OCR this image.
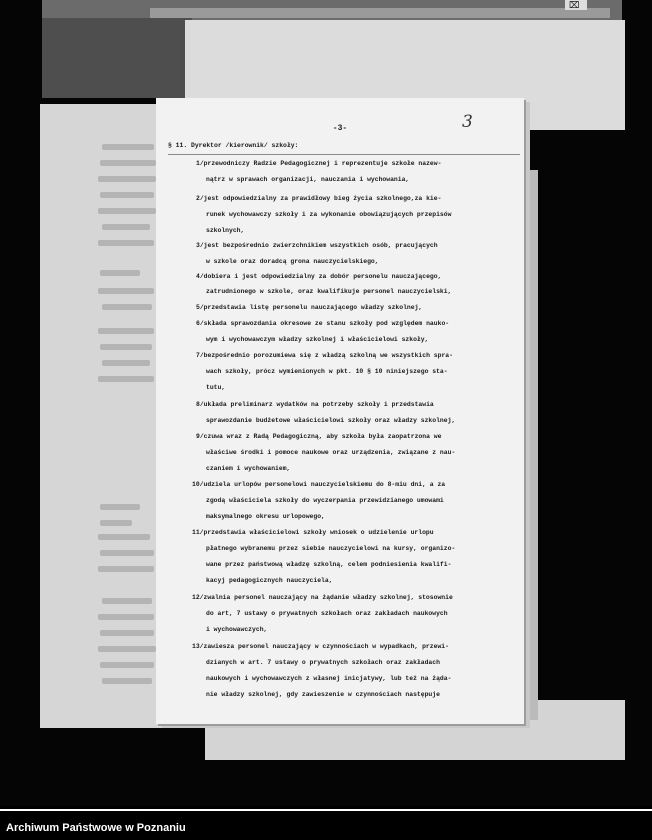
⌧
-3-	3
§ 11. Dyrektor /kierownik/ szkoły:
1/przewodniczy Radzie Pedagogicznej i reprezentuje szkołe nazew-
nątrz w sprawach organizacji, nauczania i wychowania,
2/jest odpowiedzialny za prawidłowy bieg życia szkolnego,za kie-
runek wychowawczy szkoły i za wykonanie obowiązujących przepisów
szkolnych,
3/jest bezpośrednio zwierzchnikiem wszystkich osób, pracujących
w szkole oraz doradcą grona nauczycielskiego,
4/dobiera i jest odpowiedzialny za dobór personelu nauczającego,
zatrudnionego w szkole, oraz kwalifikuje personel nauczycielski,
5/przedstawia listę personelu nauczającego władzy szkolnej,
6/składa sprawozdania okresowe ze stanu szkoły pod względem nauko-
wym i wychowawczym władzy szkolnej i właścicielowi szkoły,
7/bezpośrednio porozumiewa się z władzą szkolną we wszystkich spra-
wach szkoły, prócz wymienionych w pkt. 10 § 10 niniejszego sta-
tutu,
8/układa preliminarz wydatków na potrzeby szkoły i przedstawia
sprawozdanie budżetowe właścicielowi szkoły oraz władzy szkolnej,
9/czuwa wraz z Radą Pedagogiczną, aby szkoła była zaopatrzona we
właściwe środki i pomoce naukowe oraz urządzenia, związane z nau-
czaniem i wychowaniem,
10/udziela urlopów personelowi nauczycielskiemu do 8-miu dni, a za
zgodą właściciela szkoły do wyczerpania przewidzianego umowami
maksymalnego okresu urlopowego,
11/przedstawia właścicielowi szkoły wniosek o udzielenie urlopu
płatnego wybranemu przez siebie nauczycielowi na kursy, organizo-
wane przez państwową władzę szkolną, celem podniesienia kwalifi-
kacyj pedagogicznych nauczyciela,
12/zwalnia personel nauczający na żądanie władzy szkolnej, stosownie
do art, 7 ustawy o prywatnych szkołach oraz zakładach naukowych
i wychowawczych,
13/zawiesza personel nauczający w czynnościach w wypadkach, przewi-
dzianych w art. 7 ustawy o prywatnych szkołach oraz zakładach
naukowych i wychowawczych z własnej inicjatywy, lub też na żąda-
nie władzy szkolnej, gdy zawieszenie w czynnościach następuje
Archiwum Państwowe w Poznaniu
